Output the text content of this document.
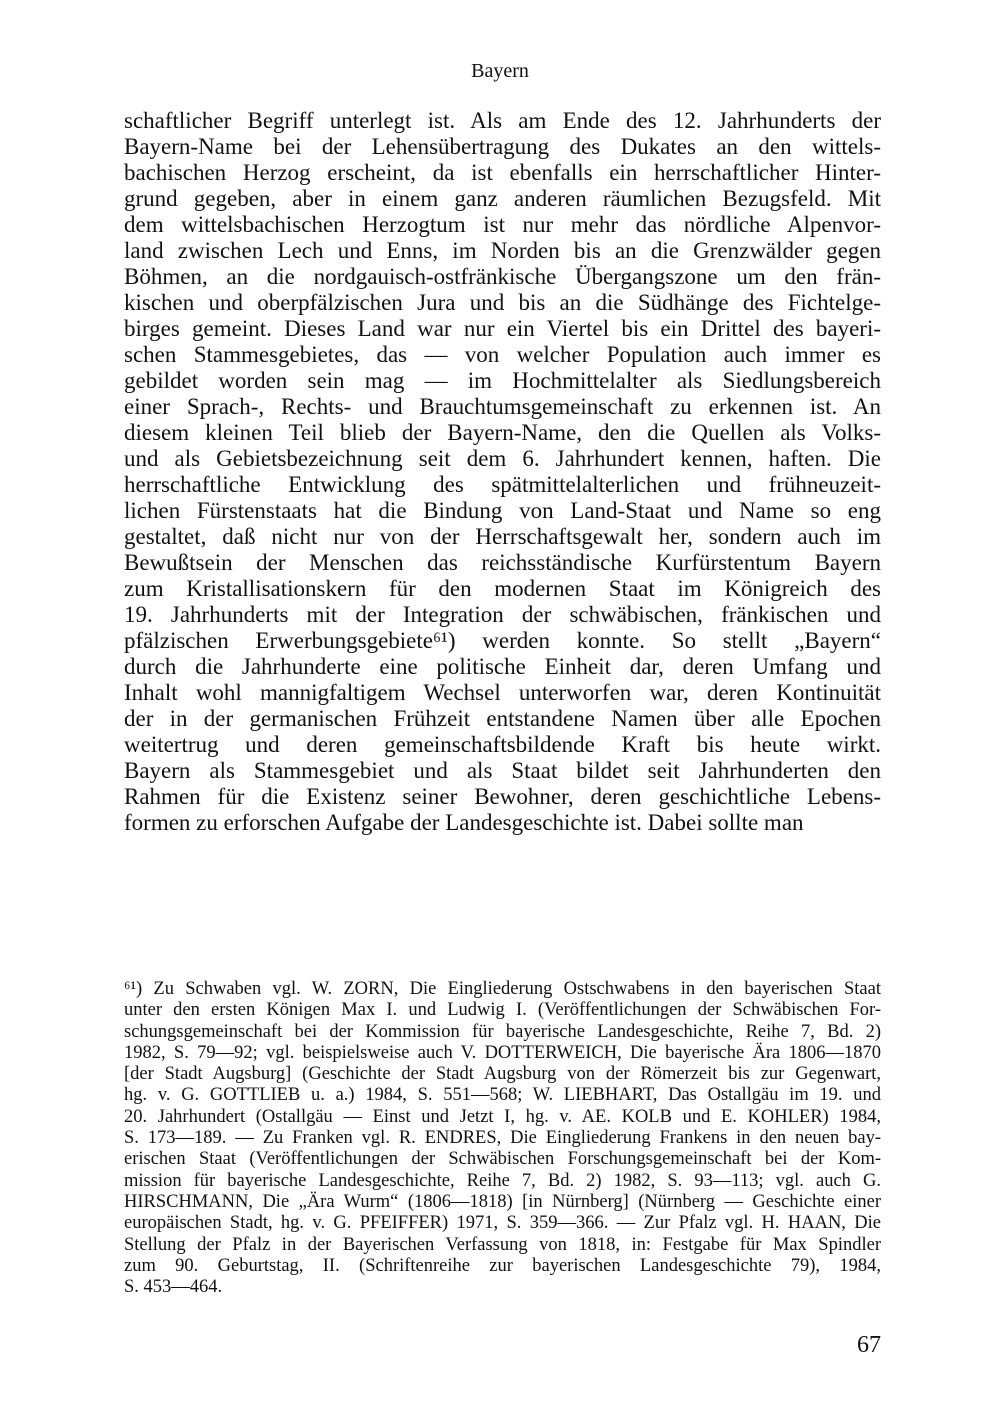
Bayern
schaftlicher Begriff unterlegt ist. Als am Ende des 12. Jahrhunderts der
Bayern-Name bei der Lehensübertragung des Dukates an den wittels-
bachischen Herzog erscheint, da ist ebenfalls ein herrschaftlicher Hinter-
grund gegeben, aber in einem ganz anderen räumlichen Bezugsfeld. Mit
dem wittelsbachischen Herzogtum ist nur mehr das nördliche Alpenvor-
land zwischen Lech und Enns, im Norden bis an die Grenzwälder gegen
Böhmen, an die nordgauisch-ostfränkische Übergangszone um den frän-
kischen und oberpfälzischen Jura und bis an die Südhänge des Fichtelge-
birges gemeint. Dieses Land war nur ein Viertel bis ein Drittel des bayeri-
schen Stammesgebietes, das — von welcher Population auch immer es
gebildet worden sein mag — im Hochmittelalter als Siedlungsbereich
einer Sprach-, Rechts- und Brauchtumsgemeinschaft zu erkennen ist. An
diesem kleinen Teil blieb der Bayern-Name, den die Quellen als Volks-
und als Gebietsbezeichnung seit dem 6. Jahrhundert kennen, haften. Die
herrschaftliche Entwicklung des spätmittelalterlichen und frühneuzeit-
lichen Fürstenstaats hat die Bindung von Land-Staat und Name so eng
gestaltet, daß nicht nur von der Herrschaftsgewalt her, sondern auch im
Bewußtsein der Menschen das reichsständische Kurfürstentum Bayern
zum Kristallisationskern für den modernen Staat im Königreich des
19. Jahrhunderts mit der Integration der schwäbischen, fränkischen und
pfälzischen Erwerbungsgebiete⁶¹) werden konnte. So stellt „Bayern“
durch die Jahrhunderte eine politische Einheit dar, deren Umfang und
Inhalt wohl mannigfaltigem Wechsel unterworfen war, deren Kontinuität
der in der germanischen Frühzeit entstandene Namen über alle Epochen
weitertrug und deren gemeinschaftsbildende Kraft bis heute wirkt.
Bayern als Stammesgebiet und als Staat bildet seit Jahrhunderten den
Rahmen für die Existenz seiner Bewohner, deren geschichtliche Lebens-
formen zu erforschen Aufgabe der Landesgeschichte ist. Dabei sollte man
⁶¹) Zu Schwaben vgl. W. ZORN, Die Eingliederung Ostschwabens in den bayerischen Staat
unter den ersten Königen Max I. und Ludwig I. (Veröffentlichungen der Schwäbischen For-
schungsgemeinschaft bei der Kommission für bayerische Landesgeschichte, Reihe 7, Bd. 2)
1982, S. 79—92; vgl. beispielsweise auch V. DOTTERWEICH, Die bayerische Ära 1806—1870
[der Stadt Augsburg] (Geschichte der Stadt Augsburg von der Römerzeit bis zur Gegenwart,
hg. v. G. GOTTLIEB u. a.) 1984, S. 551—568; W. LIEBHART, Das Ostallgäu im 19. und
20. Jahrhundert (Ostallgäu — Einst und Jetzt I, hg. v. AE. KOLB und E. KOHLER) 1984,
S. 173—189. — Zu Franken vgl. R. ENDRES, Die Eingliederung Frankens in den neuen bay-
erischen Staat (Veröffentlichungen der Schwäbischen Forschungsgemeinschaft bei der Kom-
mission für bayerische Landesgeschichte, Reihe 7, Bd. 2) 1982, S. 93—113; vgl. auch G.
HIRSCHMANN, Die „Ära Wurm“ (1806—1818) [in Nürnberg] (Nürnberg — Geschichte einer
europäischen Stadt, hg. v. G. PFEIFFER) 1971, S. 359—366. — Zur Pfalz vgl. H. HAAN, Die
Stellung der Pfalz in der Bayerischen Verfassung von 1818, in: Festgabe für Max Spindler
zum 90. Geburtstag, II. (Schriftenreihe zur bayerischen Landesgeschichte 79), 1984,
S. 453—464.
67
